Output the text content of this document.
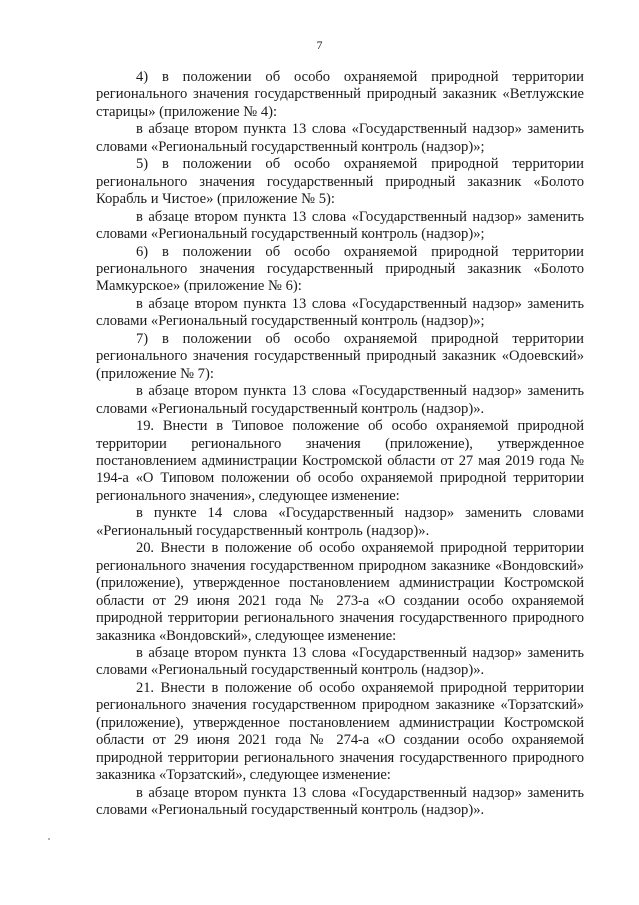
7

4) в положении об особо охраняемой природной территории регионального значения государственный природный заказник «Ветлужские старицы» (приложение № 4):

в абзаце втором пункта 13 слова «Государственный надзор» заменить словами «Региональный государственный контроль (надзор)»;

5) в положении об особо охраняемой природной территории регионального значения государственный природный заказник «Болото Корабль и Чистое» (приложение № 5):

в абзаце втором пункта 13 слова «Государственный надзор» заменить словами «Региональный государственный контроль (надзор)»;

6) в положении об особо охраняемой природной территории регионального значения государственный природный заказник «Болото Мамкурское» (приложение № 6):

в абзаце втором пункта 13 слова «Государственный надзор» заменить словами «Региональный государственный контроль (надзор)»;

7) в положении об особо охраняемой природной территории регионального значения государственный природный заказник «Одоевский» (приложение № 7):

в абзаце втором пункта 13 слова «Государственный надзор» заменить словами «Региональный государственный контроль (надзор)».

19. Внести в Типовое положение об особо охраняемой природной территории регионального значения (приложение), утвержденное постановлением администрации Костромской области от 27 мая 2019 года № 194-а «О Типовом положении об особо охраняемой природной территории регионального значения», следующее изменение:

в пункте 14 слова «Государственный надзор» заменить словами «Региональный государственный контроль (надзор)».

20. Внести в положение об особо охраняемой природной территории регионального значения государственном природном заказнике «Вондовский» (приложение), утвержденное постановлением администрации Костромской области от 29 июня 2021 года № 273-а «О создании особо охраняемой природной территории регионального значения государственного природного заказника «Вондовский», следующее изменение:

в абзаце втором пункта 13 слова «Государственный надзор» заменить словами «Региональный государственный контроль (надзор)».

21. Внести в положение об особо охраняемой природной территории регионального значения государственном природном заказнике «Торзатский» (приложение), утвержденное постановлением администрации Костромской области от 29 июня 2021 года № 274-а «О создании особо охраняемой природной территории регионального значения государственного природного заказника «Торзатский», следующее изменение:

в абзаце втором пункта 13 слова «Государственный надзор» заменить словами «Региональный государственный контроль (надзор)».
